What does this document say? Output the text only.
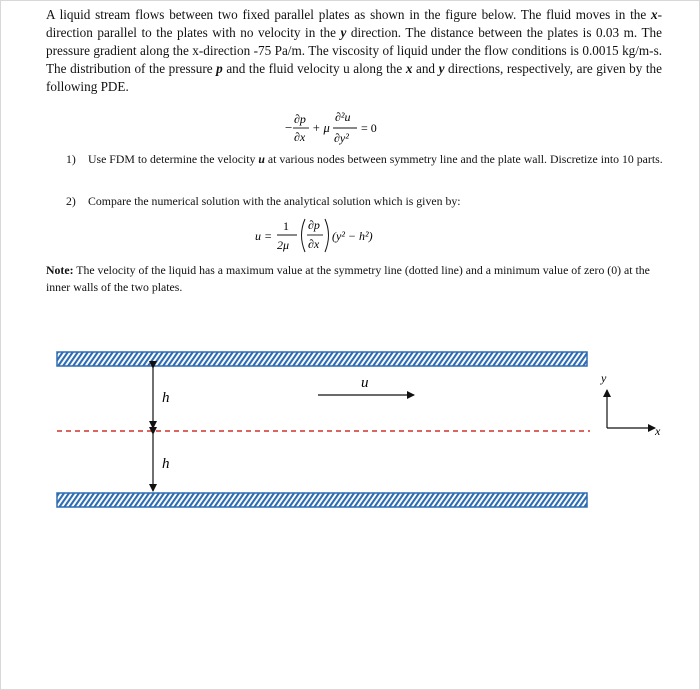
A liquid stream flows between two fixed parallel plates as shown in the figure below. The fluid moves in the x-direction parallel to the plates with no velocity in the y direction. The distance between the plates is 0.03 m. The pressure gradient along the x-direction -75 Pa/m. The viscosity of liquid under the flow conditions is 0.0015 kg/m-s. The distribution of the pressure p and the fluid velocity u along the x and y directions, respectively, are given by the following PDE.
−
∂p
∂x
+ μ
∂²u
∂y²
= 0
1) Use FDM to determine the velocity u at various nodes between symmetry line and the plate wall. Discretize into 10 parts.
2) Compare the numerical solution with the analytical solution which is given by:
u =
1
2μ
∂p
∂x
(y² − h²)
Note: The velocity of the liquid has a maximum value at the symmetry line (dotted line) and a minimum value of zero (0) at the inner walls of the two plates.
h
h
u	y
x
